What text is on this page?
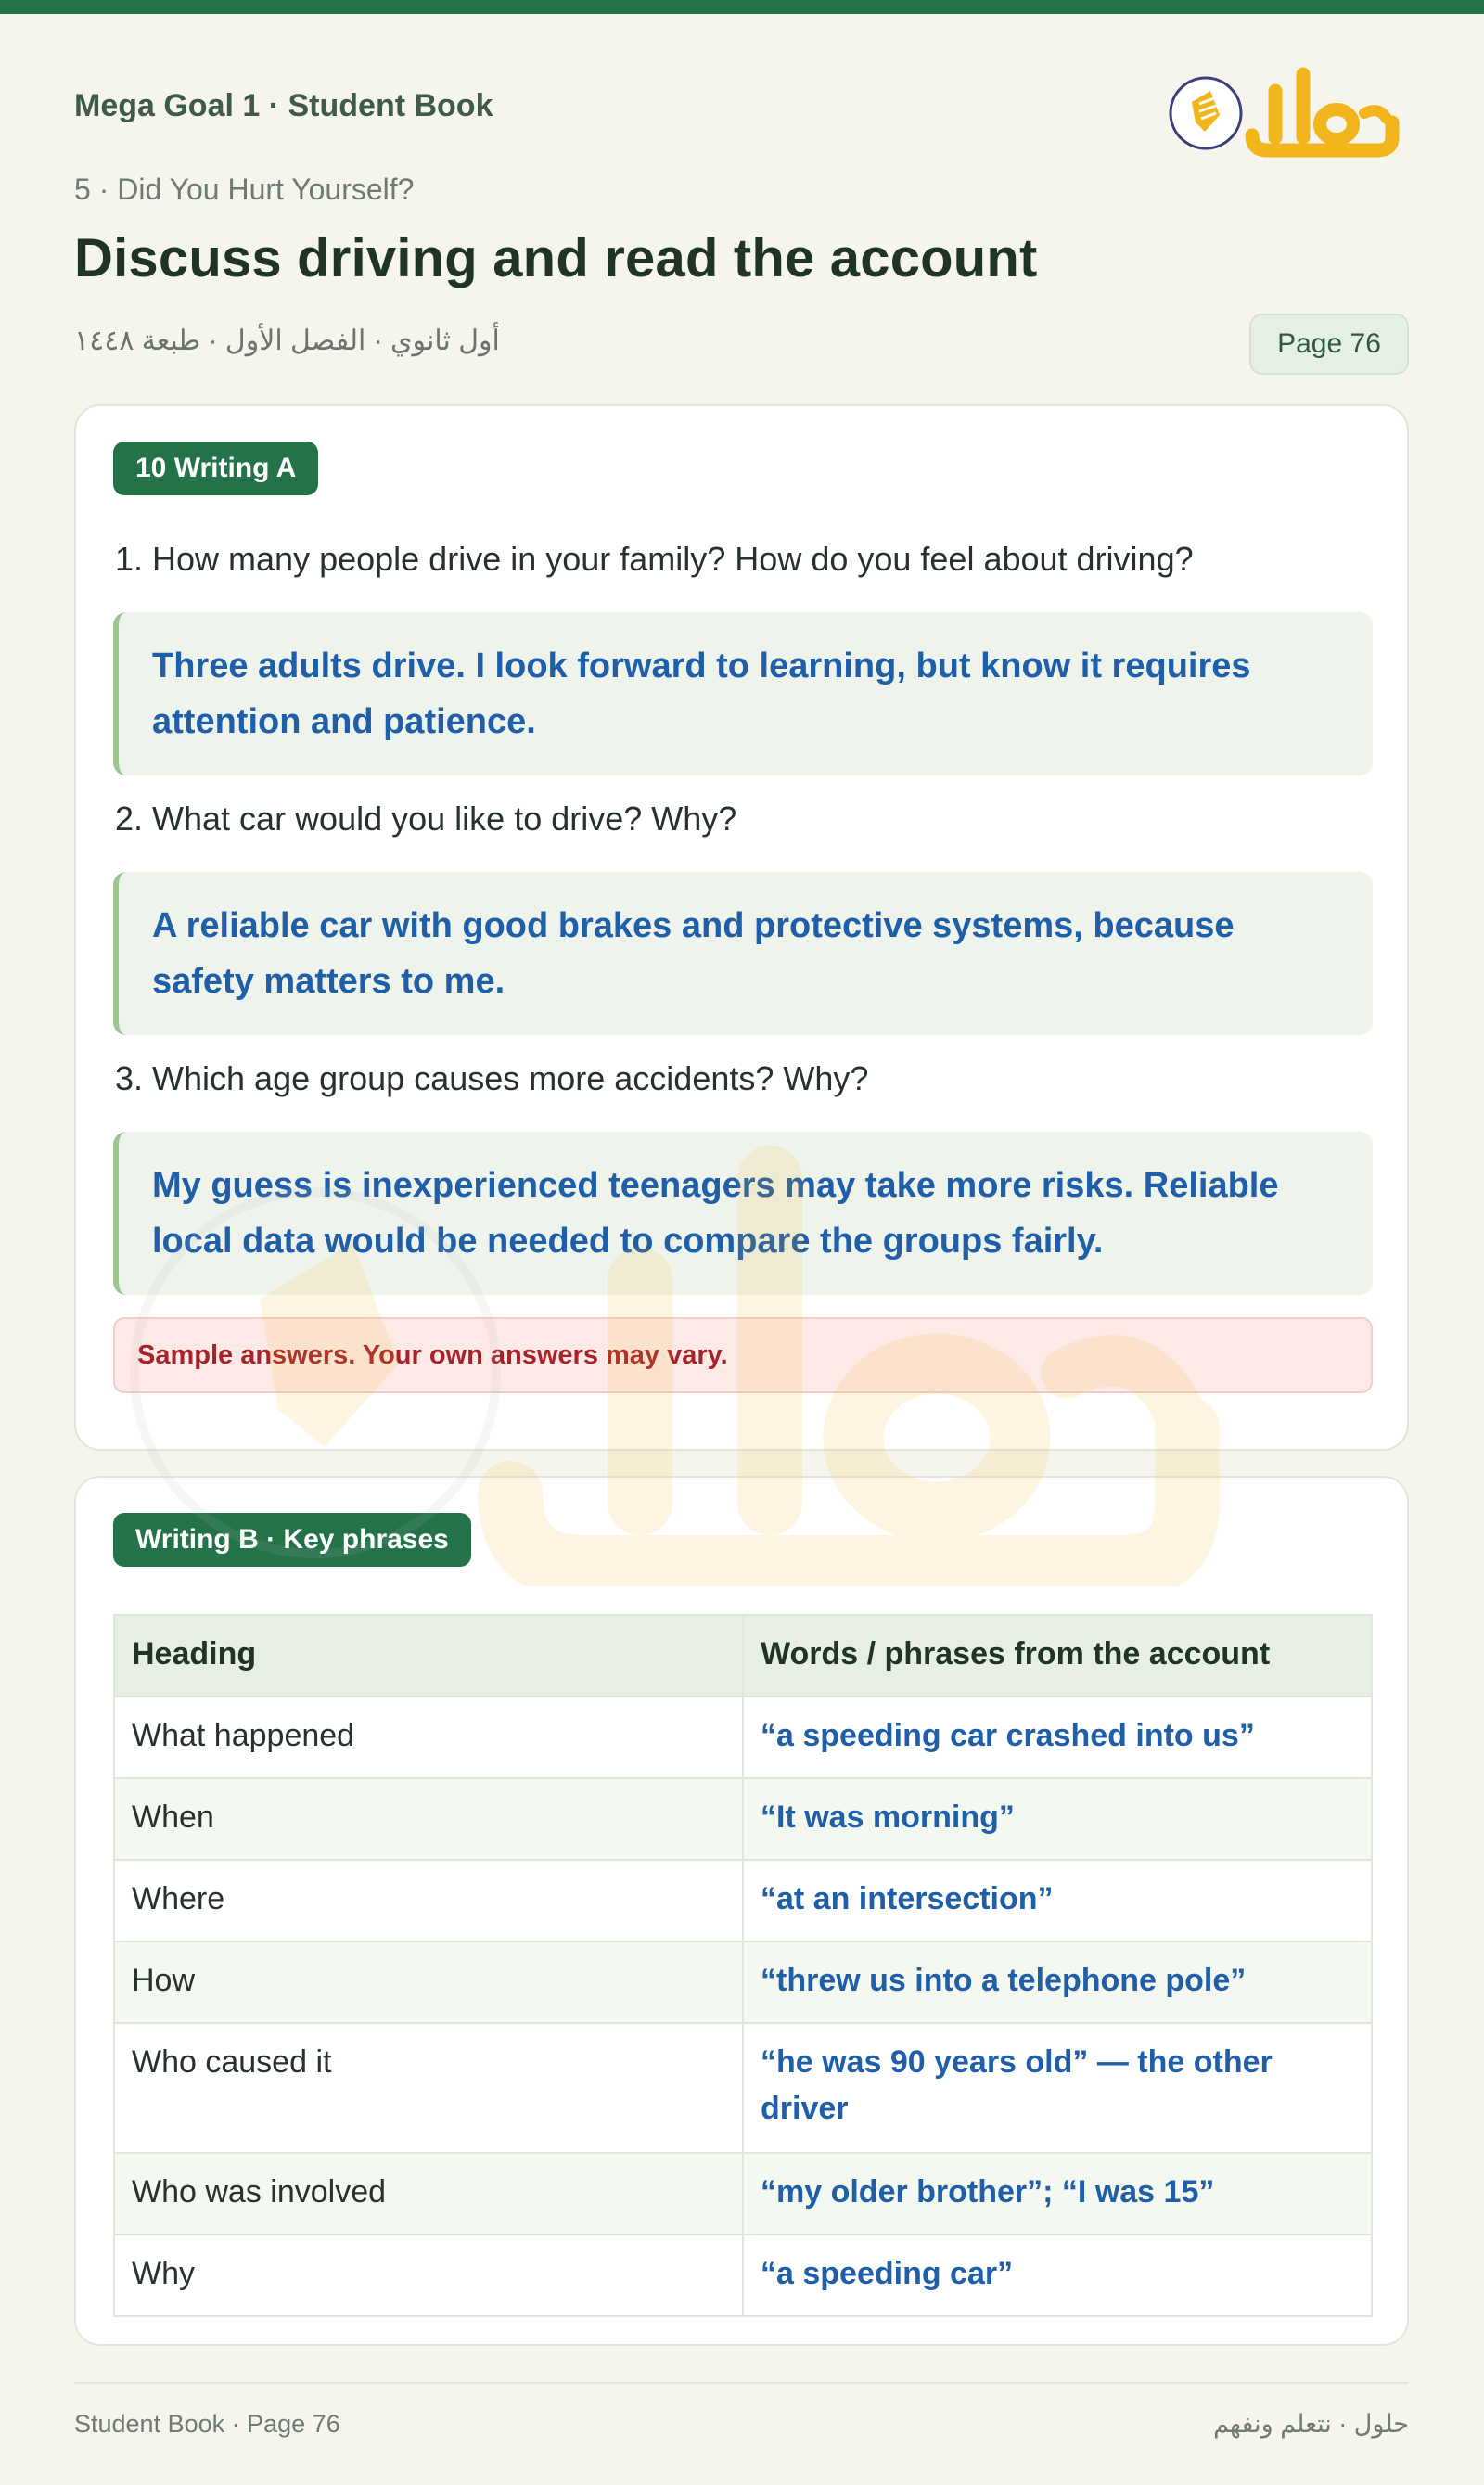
Mega Goal 1 · Student Book
5 · Did You Hurt Yourself?
Discuss driving and read the account
أول ثانوي · الفصل الأول · طبعة ١٤٤٨	Page 76
10 Writing A
1. How many people drive in your family? How do you feel about driving?
Three adults drive. I look forward to learning, but know it requires attention and patience.
2. What car would you like to drive? Why?
A reliable car with good brakes and protective systems, because safety matters to me.
3. Which age group causes more accidents? Why?
My guess is inexperienced teenagers may take more risks. Reliable local data would be needed to compare the groups fairly.
Sample answers. Your own answers may vary.
Writing B · Key phrases
Heading	Words / phrases from the account
What happened	“a speeding car crashed into us”
When	“It was morning”
Where	“at an intersection”
How	“threw us into a telephone pole”
Who caused it	“he was 90 years old” — the other driver
Who was involved	“my older brother”; “I was 15”
Why	“a speeding car”
Student Book · Page 76	حلول · نتعلم ونفهم
